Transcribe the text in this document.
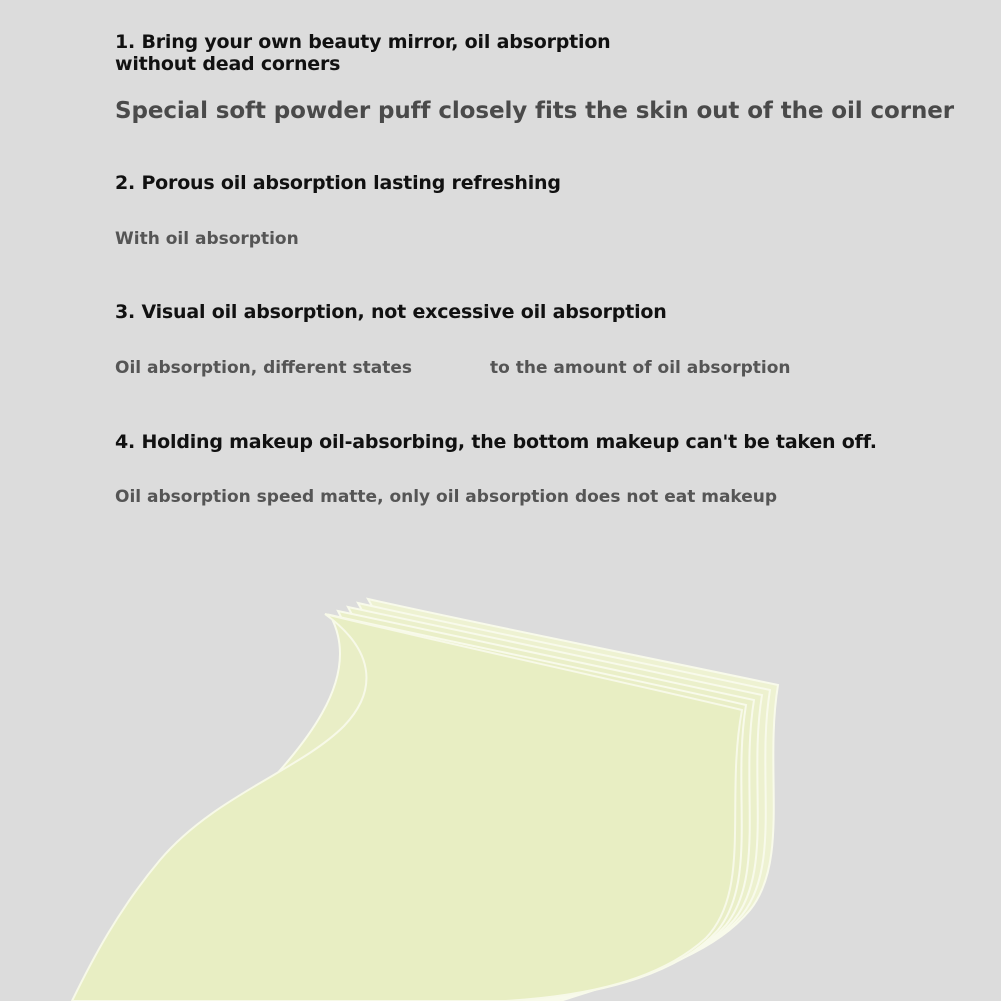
1. Bring your own beauty mirror, oil absorption
without dead corners

Special soft powder puff closely fits the skin out of the oil corner

2. Porous oil absorption lasting refreshing

With oil absorption

3. Visual oil absorption, not excessive oil absorption

Oil absorption, different states	to the amount of oil absorption

4. Holding makeup oil-absorbing, the bottom makeup can't be taken off.

Oil absorption speed matte, only oil absorption does not eat makeup
